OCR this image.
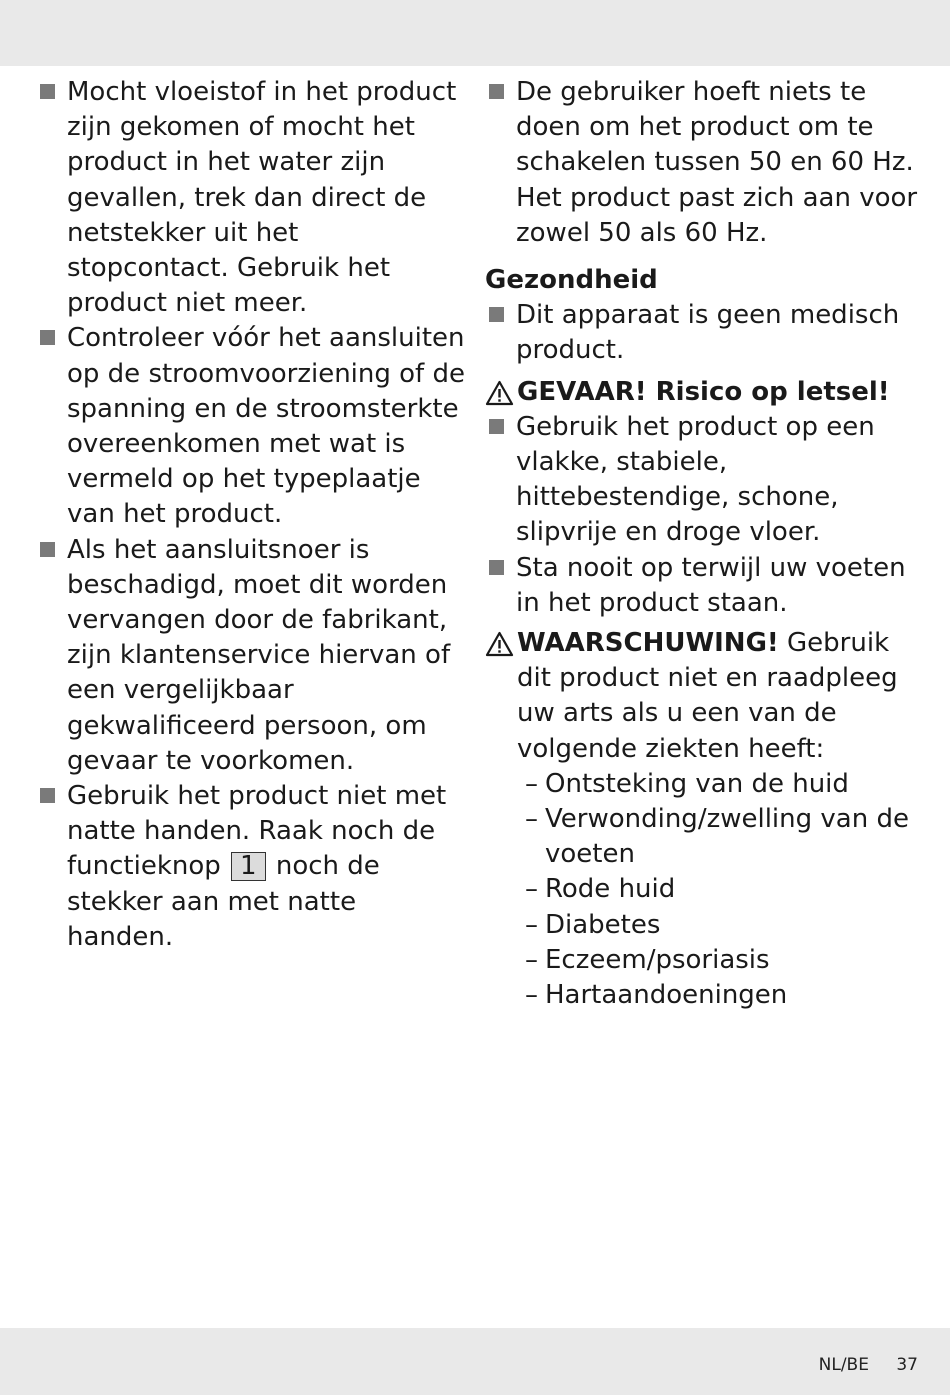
Mocht vloeistof in het product zijn gekomen of mocht het product in het water zijn gevallen, trek dan direct de netstekker uit het stopcontact. Gebruik het product niet meer.
Controleer vóór het aansluiten op de stroomvoorziening of de spanning en de stroomsterkte overeenkomen met wat is vermeld op het typeplaatje van het product.
Als het aansluitsnoer is beschadigd, moet dit worden vervangen door de fabrikant, zijn klantenservice hiervan of een vergelijkbaar gekwalificeerd persoon, om gevaar te voorkomen.
Gebruik het product niet met natte handen. Raak noch de functieknop 1 noch de stekker aan met natte handen.
De gebruiker hoeft niets te doen om het product om te schakelen tussen 50 en 60 Hz. Het product past zich aan voor zowel 50 als 60 Hz.
Gezondheid
Dit apparaat is geen medisch product.
GEVAAR! Risico op letsel!
Gebruik het product op een vlakke, stabiele, hittebestendige, schone, slipvrije en droge vloer.
Sta nooit op terwijl uw voeten in het product staan.
WAARSCHUWING! Gebruik dit product niet en raadpleeg uw arts als u een van de volgende ziekten heeft:
– Ontsteking van de huid
– Verwonding/zwelling van de voeten
– Rode huid
– Diabetes
– Eczeem/psoriasis
– Hartaandoeningen
NL/BE 37
